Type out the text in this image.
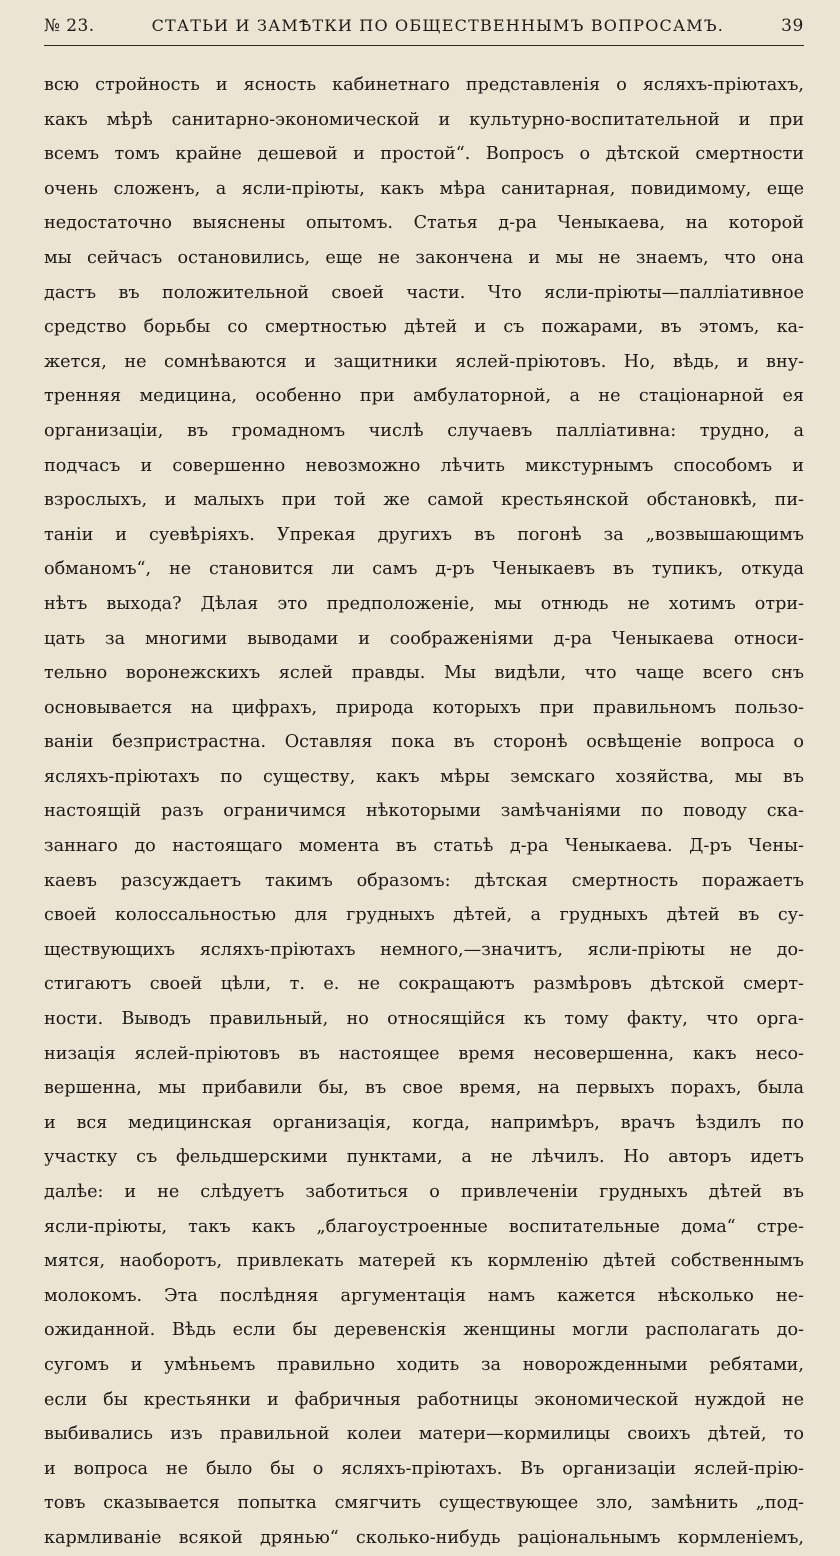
№ 23.	СТАТЬИ И ЗАМѢТКИ ПО ОБЩЕСТВЕННЫМЪ ВОПРОСАМЪ.	39
всю стройность и ясность кабинетнаго представленія о ясляхъ-пріютахъ,
какъ мѣрѣ санитарно-экономической и культурно-воспитательной и при
всемъ томъ крайне дешевой и простой“. Вопросъ о дѣтской смертности
очень сложенъ, а ясли-пріюты, какъ мѣра санитарная, повидимому, еще
недостаточно выяснены опытомъ. Статья д-ра Ченыкаева, на которой
мы сейчасъ остановились, еще не закончена и мы не знаемъ, что она
дастъ въ положительной своей части. Что ясли-пріюты—палліативное
средство борьбы со смертностью дѣтей и съ пожарами, въ этомъ, ка-
жется, не сомнѣваются и защитники яслей-пріютовъ. Но, вѣдь, и вну-
тренняя медицина, особенно при амбулаторной, а не стаціонарной ея
организаціи, въ громадномъ числѣ случаевъ палліативна: трудно, а
подчасъ и совершенно невозможно лѣчить микстурнымъ способомъ и
взрослыхъ, и малыхъ при той же самой крестьянской обстановкѣ, пи-
таніи и суевѣріяхъ. Упрекая другихъ въ погонѣ за „возвышающимъ
обманомъ“, не становится ли самъ д-ръ Ченыкаевъ въ тупикъ, откуда
нѣтъ выхода? Дѣлая это предположеніе, мы отнюдь не хотимъ отри-
цать за многими выводами и соображеніями д-ра Ченыкаева относи-
тельно воронежскихъ яслей правды. Мы видѣли, что чаще всего снъ
основывается на цифрахъ, природа которыхъ при правильномъ пользо-
ваніи безпристрастна. Оставляя пока въ сторонѣ освѣщеніе вопроса о
ясляхъ-пріютахъ по существу, какъ мѣры земскаго хозяйства, мы въ
настоящій разъ ограничимся нѣкоторыми замѣчаніями по поводу ска-
заннаго до настоящаго момента въ статьѣ д-ра Ченыкаева. Д-ръ Чены-
каевъ разсуждаетъ такимъ образомъ: дѣтская смертность поражаетъ
своей колоссальностью для грудныхъ дѣтей, а грудныхъ дѣтей въ су-
ществующихъ ясляхъ-пріютахъ немного,—значитъ, ясли-пріюты не до-
стигаютъ своей цѣли, т. е. не сокращаютъ размѣровъ дѣтской смерт-
ности. Выводъ правильный, но относящійся къ тому факту, что орга-
низація яслей-пріютовъ въ настоящее время несовершенна, какъ несо-
вершенна, мы прибавили бы, въ свое время, на первыхъ порахъ, была
и вся медицинская организація, когда, напримѣръ, врачъ ѣздилъ по
участку съ фельдшерскими пунктами, а не лѣчилъ. Но авторъ идетъ
далѣе: и не слѣдуетъ заботиться о привлеченіи грудныхъ дѣтей въ
ясли-пріюты, такъ какъ „благоустроенные воспитательные дома“ стре-
мятся, наоборотъ, привлекать матерей къ кормленію дѣтей собственнымъ
молокомъ. Эта послѣдняя аргументація намъ кажется нѣсколько не-
ожиданной. Вѣдь если бы деревенскія женщины могли располагать до-
сугомъ и умѣньемъ правильно ходить за новорожденными ребятами,
если бы крестьянки и фабричныя работницы экономической нуждой не
выбивались изъ правильной колеи матери—кормилицы своихъ дѣтей, то
и вопроса не было бы о ясляхъ-пріютахъ. Въ организаціи яслей-прію-
товъ сказывается попытка смягчить существующее зло, замѣнить „под-
кармливаніе всякой дрянью“ сколько-нибудь раціональнымъ кормленіемъ,
